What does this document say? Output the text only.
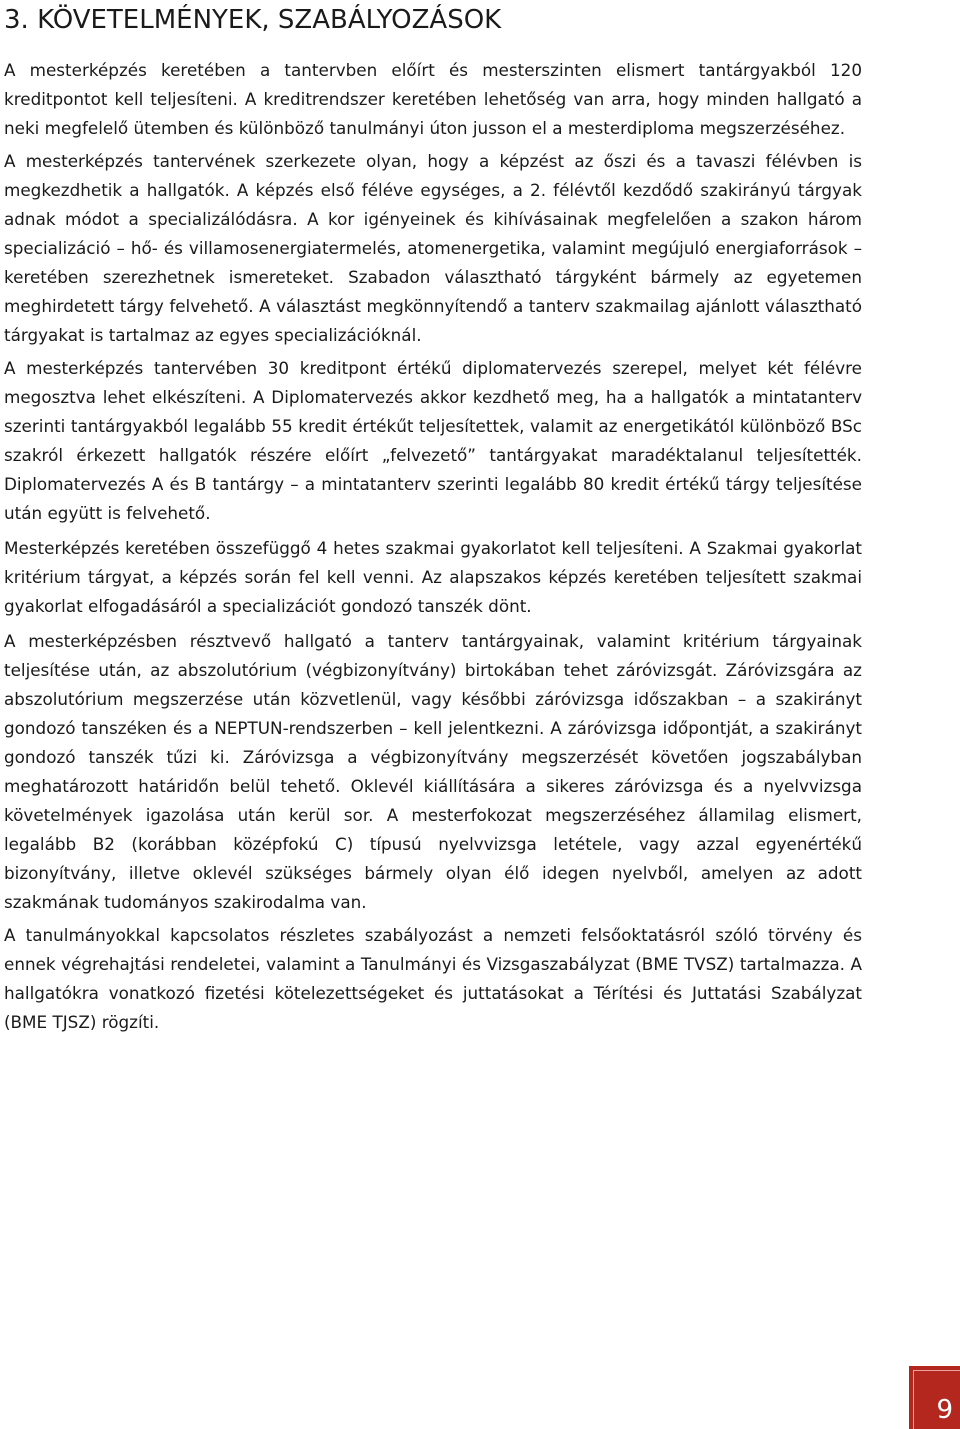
3. KÖVETELMÉNYEK, SZABÁLYOZÁSOK

A mesterképzés keretében a tantervben előírt és mesterszinten elismert tantárgyakból 120 kreditpontot kell teljesíteni. A kreditrendszer keretében lehetőség van arra, hogy minden hallgató a neki megfelelő ütemben és különböző tanulmányi úton jusson el a mesterdiploma megszerzéséhez.

A mesterképzés tantervének szerkezete olyan, hogy a képzést az őszi és a tavaszi félévben is megkezdhetik a hallgatók. A képzés első féléve egységes, a 2. félévtől kezdődő szakirányú tárgyak adnak módot a specializálódásra. A kor igényeinek és kihívásainak megfelelően a szakon három specializáció – hő- és villamosenergiatermelés, atomenergetika, valamint megújuló energiaforrások – keretében szerezhetnek ismereteket. Szabadon választható tárgyként bármely az egyetemen meghirdetett tárgy felvehető. A választást megkönnyítendő a tanterv szakmailag ajánlott választható tárgyakat is tartalmaz az egyes specializációknál.

A mesterképzés tantervében 30 kreditpont értékű diplomatervezés szerepel, melyet két félévre megosztva lehet elkészíteni. A Diplomatervezés akkor kezdhető meg, ha a hallgatók a mintatanterv szerinti tantárgyakból legalább 55 kredit értékűt teljesítettek, valamit az energetikától különböző BSc szakról érkezett hallgatók részére előírt „felvezető” tantárgyakat maradéktalanul teljesítették. Diplomatervezés A és B tantárgy – a mintatanterv szerinti legalább 80 kredit értékű tárgy teljesítése után együtt is felvehető.

Mesterképzés keretében összefüggő 4 hetes szakmai gyakorlatot kell teljesíteni. A Szakmai gyakorlat kritérium tárgyat, a képzés során fel kell venni. Az alapszakos képzés keretében teljesített szakmai gyakorlat elfogadásáról a specializációt gondozó tanszék dönt.

A mesterképzésben résztvevő hallgató a tanterv tantárgyainak, valamint kritérium tárgyainak teljesítése után, az abszolutórium (végbizonyítvány) birtokában tehet záróvizsgát. Záróvizsgára az abszolutórium megszerzése után közvetlenül, vagy későbbi záróvizsga időszakban – a szakirányt gondozó tanszéken és a NEPTUN-rendszerben – kell jelentkezni. A záróvizsga időpontját, a szakirányt gondozó tanszék tűzi ki. Záróvizsga a végbizonyítvány megszerzését követően jogszabályban meghatározott határidőn belül tehető. Oklevél kiállítására a sikeres záróvizsga és a nyelvvizsga követelmények igazolása után kerül sor. A mesterfokozat megszerzéséhez államilag elismert, legalább B2 (korábban középfokú C) típusú nyelvvizsga letétele, vagy azzal egyenértékű bizonyítvány, illetve oklevél szükséges bármely olyan élő idegen nyelvből, amelyen az adott szakmának tudományos szakirodalma van.

A tanulmányokkal kapcsolatos részletes szabályozást a nemzeti felsőoktatásról szóló törvény és ennek végrehajtási rendeletei, valamint a Tanulmányi és Vizsgaszabályzat (BME TVSZ) tartalmazza. A hallgatókra vonatkozó fizetési kötelezettségeket és juttatásokat a Térítési és Juttatási Szabályzat (BME TJSZ) rögzíti.

9
